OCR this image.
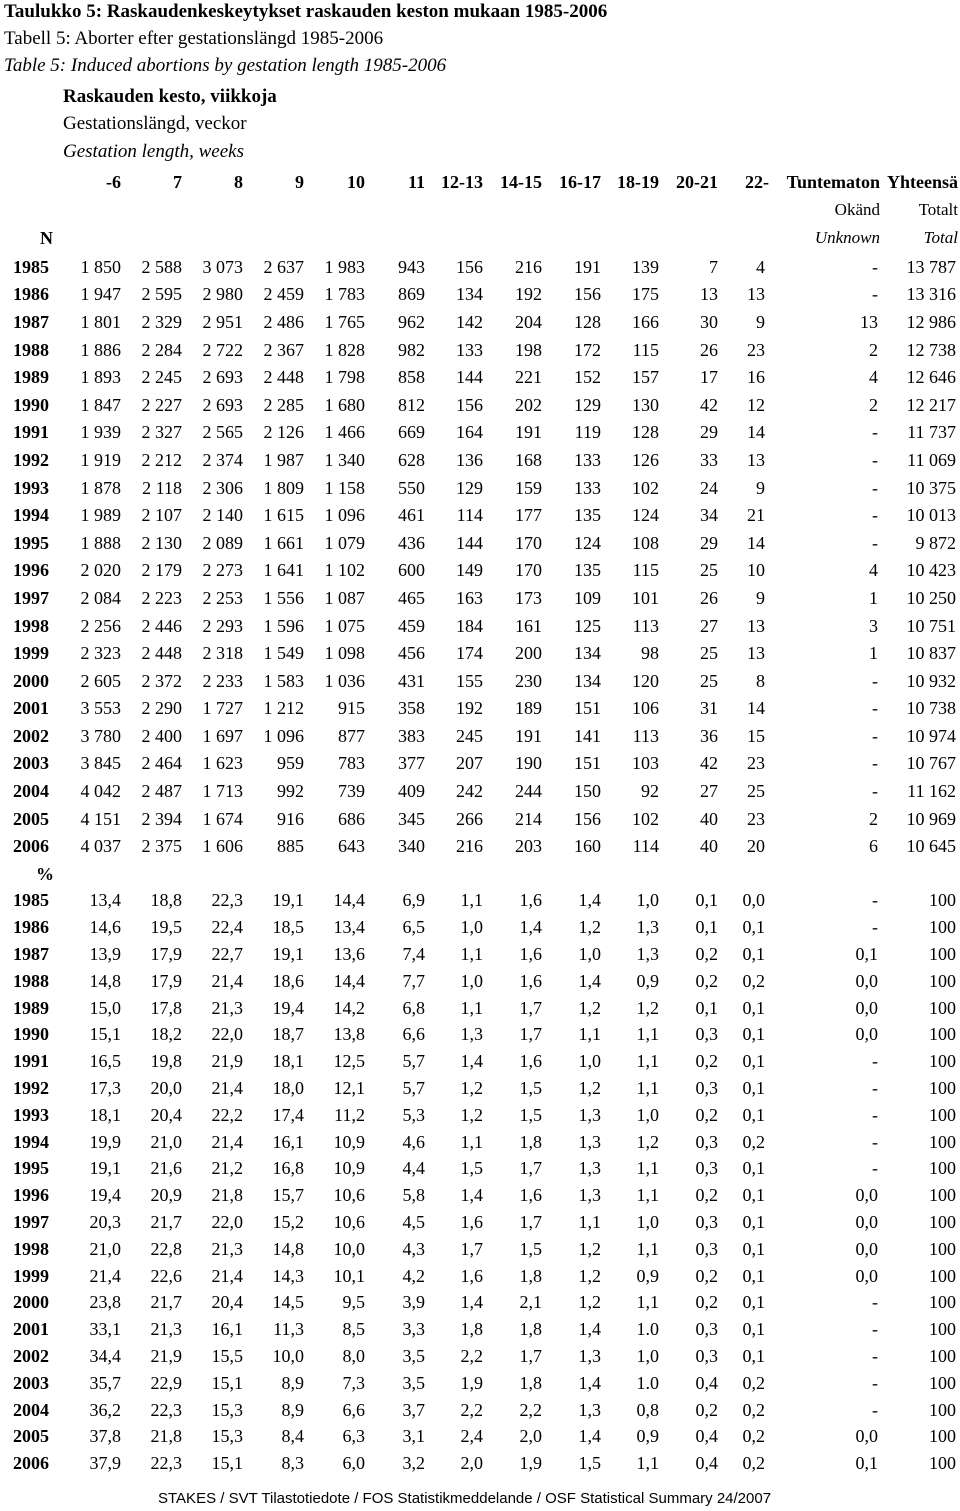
Taulukko 5: Raskaudenkeskeytykset raskauden keston mukaan 1985-2006
Tabell 5: Aborter efter gestationslängd 1985-2006
Table 5: Induced abortions by gestation length 1985-2006
Raskauden kesto, viikkoja
Gestationslängd, veckor
Gestation length, weeks
	-6	7	8	9	10	11	12-13	14-15	16-17	18-19	20-21	22-	Tuntematon	Yhteensä
													Okänd	Totalt
N													Unknown	Total
1985	1 850	2 588	3 073	2 637	1 983	943	156	216	191	139	7	4	-	13 787
1986	1 947	2 595	2 980	2 459	1 783	869	134	192	156	175	13	13	-	13 316
1987	1 801	2 329	2 951	2 486	1 765	962	142	204	128	166	30	9	13	12 986
1988	1 886	2 284	2 722	2 367	1 828	982	133	198	172	115	26	23	2	12 738
1989	1 893	2 245	2 693	2 448	1 798	858	144	221	152	157	17	16	4	12 646
1990	1 847	2 227	2 693	2 285	1 680	812	156	202	129	130	42	12	2	12 217
1991	1 939	2 327	2 565	2 126	1 466	669	164	191	119	128	29	14	-	11 737
1992	1 919	2 212	2 374	1 987	1 340	628	136	168	133	126	33	13	-	11 069
1993	1 878	2 118	2 306	1 809	1 158	550	129	159	133	102	24	9	-	10 375
1994	1 989	2 107	2 140	1 615	1 096	461	114	177	135	124	34	21	-	10 013
1995	1 888	2 130	2 089	1 661	1 079	436	144	170	124	108	29	14	-	9 872
1996	2 020	2 179	2 273	1 641	1 102	600	149	170	135	115	25	10	4	10 423
1997	2 084	2 223	2 253	1 556	1 087	465	163	173	109	101	26	9	1	10 250
1998	2 256	2 446	2 293	1 596	1 075	459	184	161	125	113	27	13	3	10 751
1999	2 323	2 448	2 318	1 549	1 098	456	174	200	134	98	25	13	1	10 837
2000	2 605	2 372	2 233	1 583	1 036	431	155	230	134	120	25	8	-	10 932
2001	3 553	2 290	1 727	1 212	915	358	192	189	151	106	31	14	-	10 738
2002	3 780	2 400	1 697	1 096	877	383	245	191	141	113	36	15	-	10 974
2003	3 845	2 464	1 623	959	783	377	207	190	151	103	42	23	-	10 767
2004	4 042	2 487	1 713	992	739	409	242	244	150	92	27	25	-	11 162
2005	4 151	2 394	1 674	916	686	345	266	214	156	102	40	23	2	10 969
2006	4 037	2 375	1 606	885	643	340	216	203	160	114	40	20	6	10 645
%														
1985	13,4	18,8	22,3	19,1	14,4	6,9	1,1	1,6	1,4	1,0	0,1	0,0	-	100
1986	14,6	19,5	22,4	18,5	13,4	6,5	1,0	1,4	1,2	1,3	0,1	0,1	-	100
1987	13,9	17,9	22,7	19,1	13,6	7,4	1,1	1,6	1,0	1,3	0,2	0,1	0,1	100
1988	14,8	17,9	21,4	18,6	14,4	7,7	1,0	1,6	1,4	0,9	0,2	0,2	0,0	100
1989	15,0	17,8	21,3	19,4	14,2	6,8	1,1	1,7	1,2	1,2	0,1	0,1	0,0	100
1990	15,1	18,2	22,0	18,7	13,8	6,6	1,3	1,7	1,1	1,1	0,3	0,1	0,0	100
1991	16,5	19,8	21,9	18,1	12,5	5,7	1,4	1,6	1,0	1,1	0,2	0,1	-	100
1992	17,3	20,0	21,4	18,0	12,1	5,7	1,2	1,5	1,2	1,1	0,3	0,1	-	100
1993	18,1	20,4	22,2	17,4	11,2	5,3	1,2	1,5	1,3	1,0	0,2	0,1	-	100
1994	19,9	21,0	21,4	16,1	10,9	4,6	1,1	1,8	1,3	1,2	0,3	0,2	-	100
1995	19,1	21,6	21,2	16,8	10,9	4,4	1,5	1,7	1,3	1,1	0,3	0,1	-	100
1996	19,4	20,9	21,8	15,7	10,6	5,8	1,4	1,6	1,3	1,1	0,2	0,1	0,0	100
1997	20,3	21,7	22,0	15,2	10,6	4,5	1,6	1,7	1,1	1,0	0,3	0,1	0,0	100
1998	21,0	22,8	21,3	14,8	10,0	4,3	1,7	1,5	1,2	1,1	0,3	0,1	0,0	100
1999	21,4	22,6	21,4	14,3	10,1	4,2	1,6	1,8	1,2	0,9	0,2	0,1	0,0	100
2000	23,8	21,7	20,4	14,5	9,5	3,9	1,4	2,1	1,2	1,1	0,2	0,1	-	100
2001	33,1	21,3	16,1	11,3	8,5	3,3	1,8	1,8	1,4	1.0	0,3	0,1	-	100
2002	34,4	21,9	15,5	10,0	8,0	3,5	2,2	1,7	1,3	1,0	0,3	0,1	-	100
2003	35,7	22,9	15,1	8,9	7,3	3,5	1,9	1,8	1,4	1.0	0,4	0,2	-	100
2004	36,2	22,3	15,3	8,9	6,6	3,7	2,2	2,2	1,3	0,8	0,2	0,2	-	100
2005	37,8	21,8	15,3	8,4	6,3	3,1	2,4	2,0	1,4	0,9	0,4	0,2	0,0	100
2006	37,9	22,3	15,1	8,3	6,0	3,2	2,0	1,9	1,5	1,1	0,4	0,2	0,1	100
STAKES / SVT Tilastotiedote / FOS Statistikmeddelande / OSF Statistical Summary 24/2007
